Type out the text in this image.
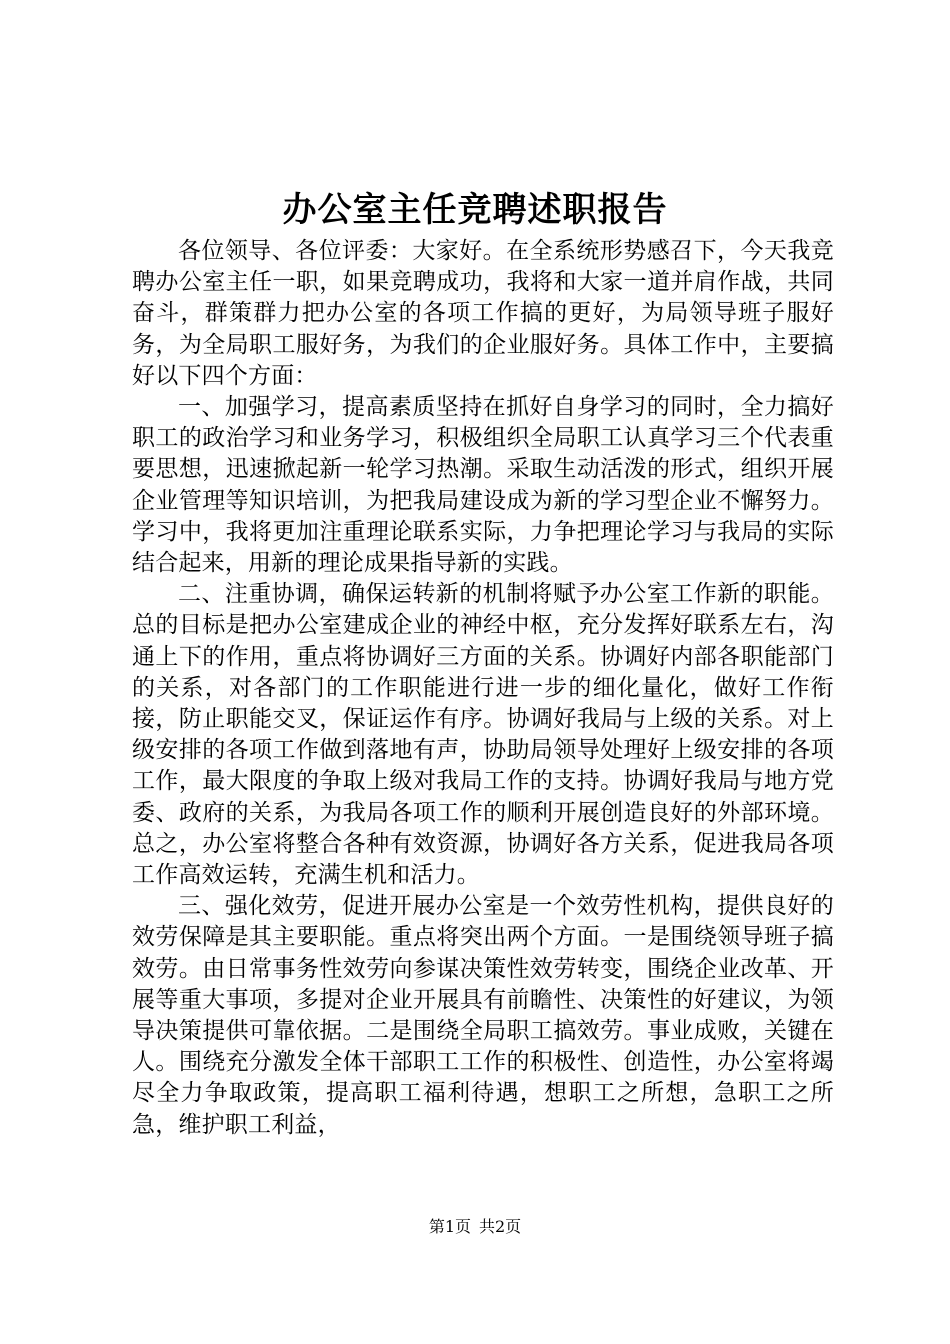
办公室主任竞聘述职报告

各位领导、各位评委：大家好。在全系统形势感召下，今天我竞聘办公室主任一职，如果竞聘成功，我将和大家一道并肩作战，共同奋斗，群策群力把办公室的各项工作搞的更好，为局领导班子服好务，为全局职工服好务，为我们的企业服好务。具体工作中，主要搞好以下四个方面：

一、加强学习，提高素质坚持在抓好自身学习的同时，全力搞好职工的政治学习和业务学习，积极组织全局职工认真学习三个代表重要思想，迅速掀起新一轮学习热潮。采取生动活泼的形式，组织开展企业管理等知识培训，为把我局建设成为新的学习型企业不懈努力。学习中，我将更加注重理论联系实际，力争把理论学习与我局的实际结合起来，用新的理论成果指导新的实践。

二、注重协调，确保运转新的机制将赋予办公室工作新的职能。总的目标是把办公室建成企业的神经中枢，充分发挥好联系左右，沟通上下的作用，重点将协调好三方面的关系。协调好内部各职能部门的关系，对各部门的工作职能进行进一步的细化量化，做好工作衔接，防止职能交叉，保证运作有序。协调好我局与上级的关系。对上级安排的各项工作做到落地有声，协助局领导处理好上级安排的各项工作，最大限度的争取上级对我局工作的支持。协调好我局与地方党委、政府的关系，为我局各项工作的顺利开展创造良好的外部环境。总之，办公室将整合各种有效资源，协调好各方关系，促进我局各项工作高效运转，充满生机和活力。

三、强化效劳，促进开展办公室是一个效劳性机构，提供良好的效劳保障是其主要职能。重点将突出两个方面。一是围绕领导班子搞效劳。由日常事务性效劳向参谋决策性效劳转变，围绕企业改革、开展等重大事项，多提对企业开展具有前瞻性、决策性的好建议，为领导决策提供可靠依据。二是围绕全局职工搞效劳。事业成败，关键在人。围绕充分激发全体干部职工工作的积极性、创造性，办公室将竭尽全力争取政策，提高职工福利待遇，想职工之所想，急职工之所急，维护职工利益，

第1页 共2页
